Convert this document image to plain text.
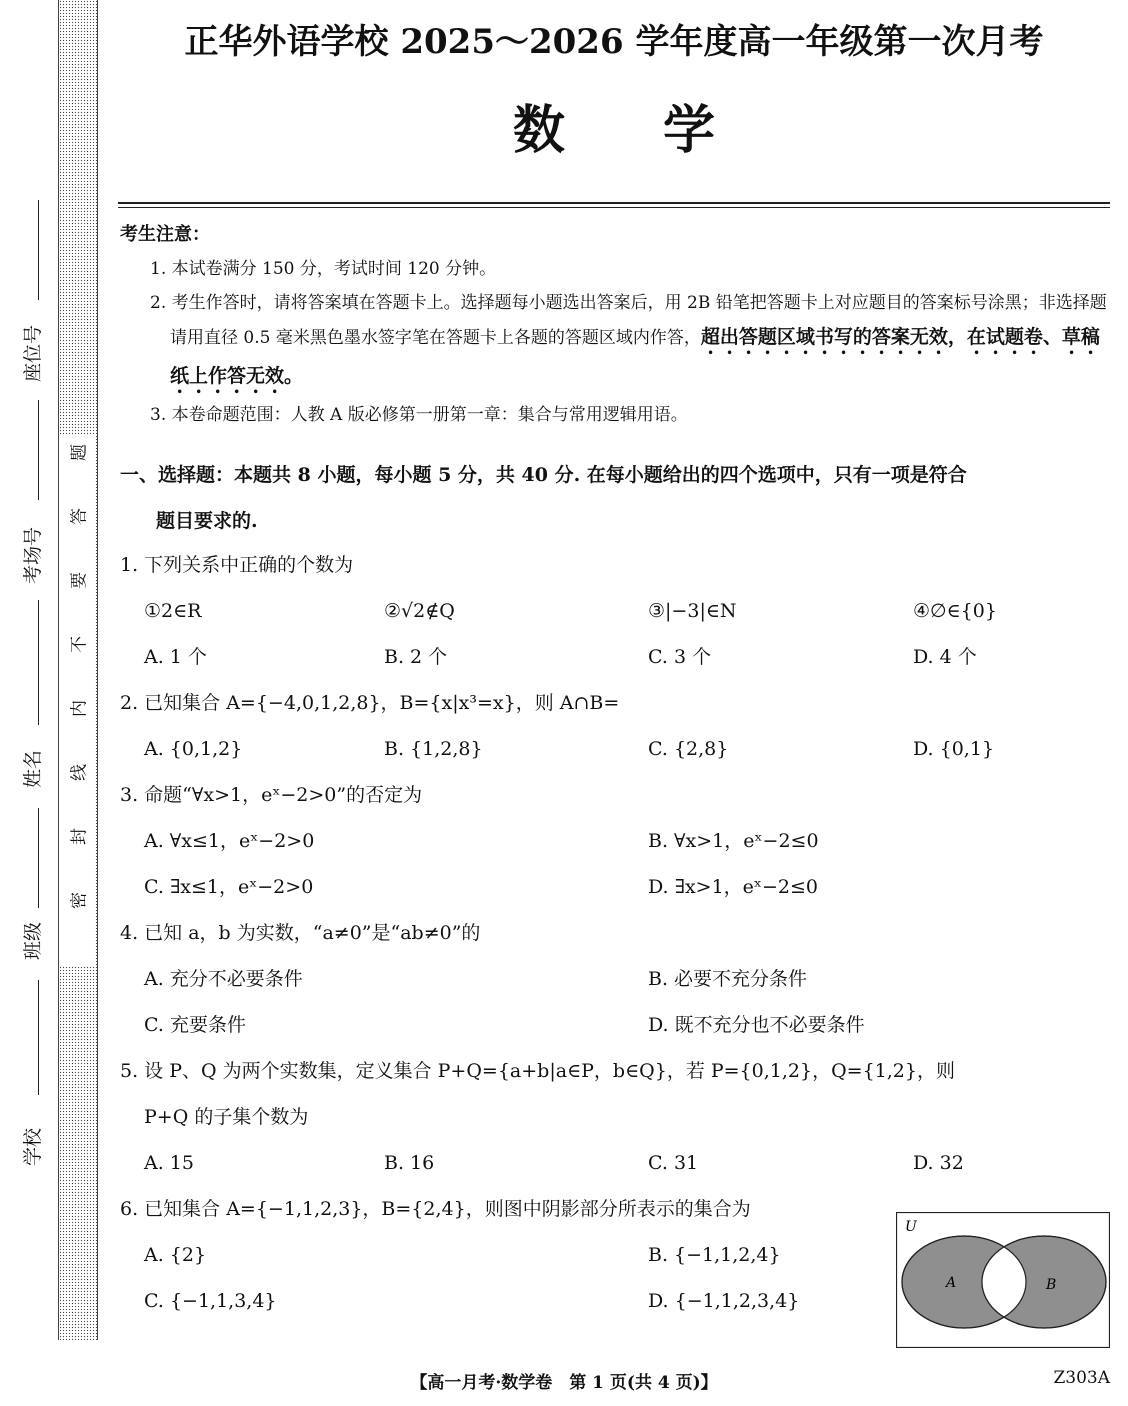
题
答
要
不
内
线
封
密
座位号
考场号
姓名
班级
学校
正华外语学校 2025～2026 学年度高一年级第一次月考
数 学
考生注意：
1. 本试卷满分 150 分，考试时间 120 分钟。
2. 考生作答时，请将答案填在答题卡上。选择题每小题选出答案后，用 2B 铅笔把答题卡上对应题目的答案标号涂黑；非选择题请用直径 0.5 毫米黑色墨水签字笔在答题卡上各题的答题区域内作答，超出答题区域书写的答案无效，在试题卷、草稿纸上作答无效。
3. 本卷命题范围：人教 A 版必修第一册第一章：集合与常用逻辑用语。
一、选择题：本题共 8 小题，每小题 5 分，共 40 分. 在每小题给出的四个选项中，只有一项是符合
题目要求的.
1. 下列关系中正确的个数为
①2∈R	②√2∉Q	③|−3|∈N	④∅∈{0}
A. 1 个	B. 2 个	C. 3 个	D. 4 个
2. 已知集合 A={−4,0,1,2,8}，B={x|x³=x}，则 A∩B=
A. {0,1,2}	B. {1,2,8}	C. {2,8}	D. {0,1}
3. 命题“∀x>1，eˣ−2>0”的否定为
A. ∀x≤1，eˣ−2>0	B. ∀x>1，eˣ−2≤0
C. ∃x≤1，eˣ−2>0	D. ∃x>1，eˣ−2≤0
4. 已知 a，b 为实数，“a≠0”是“ab≠0”的
A. 充分不必要条件	B. 必要不充分条件
C. 充要条件	D. 既不充分也不必要条件
5. 设 P、Q 为两个实数集，定义集合 P+Q={a+b|a∈P，b∈Q}，若 P={0,1,2}，Q={1,2}，则
P+Q 的子集个数为
A. 15	B. 16	C. 31	D. 32
6. 已知集合 A={−1,1,2,3}，B={2,4}，则图中阴影部分所表示的集合为
A. {2}	B. {−1,1,2,4}
C. {−1,1,3,4}	D. {−1,1,2,3,4}
U
A	B
【高一月考·数学卷　第 1 页(共 4 页)】	Z303A
